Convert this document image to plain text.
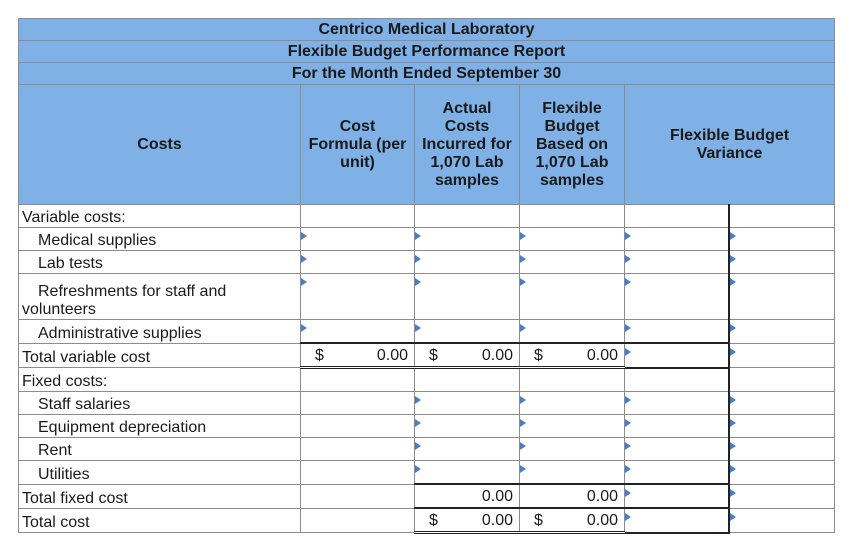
Centrico Medical Laboratory					
Flexible Budget Performance Report					
For the Month Ended September 30					
Costs	Cost Formula (per unit)	Actual Costs Incurred for 1,070 Lab samples	Flexible Budget Based on 1,070 Lab samples	Flexible Budget Variance	
Variable costs:					
Medical supplies	

Lab tests	

Refreshments for staff and volunteers	

Administrative supplies	

Total variable cost	$ 0.00	$ 0.00	$ 0.00		

Fixed costs:					
Staff salaries		

Equipment depreciation		

Rent		

Utilities		

Total fixed cost		0.00	0.00		

Total cost		$ 0.00	$ 0.00		
